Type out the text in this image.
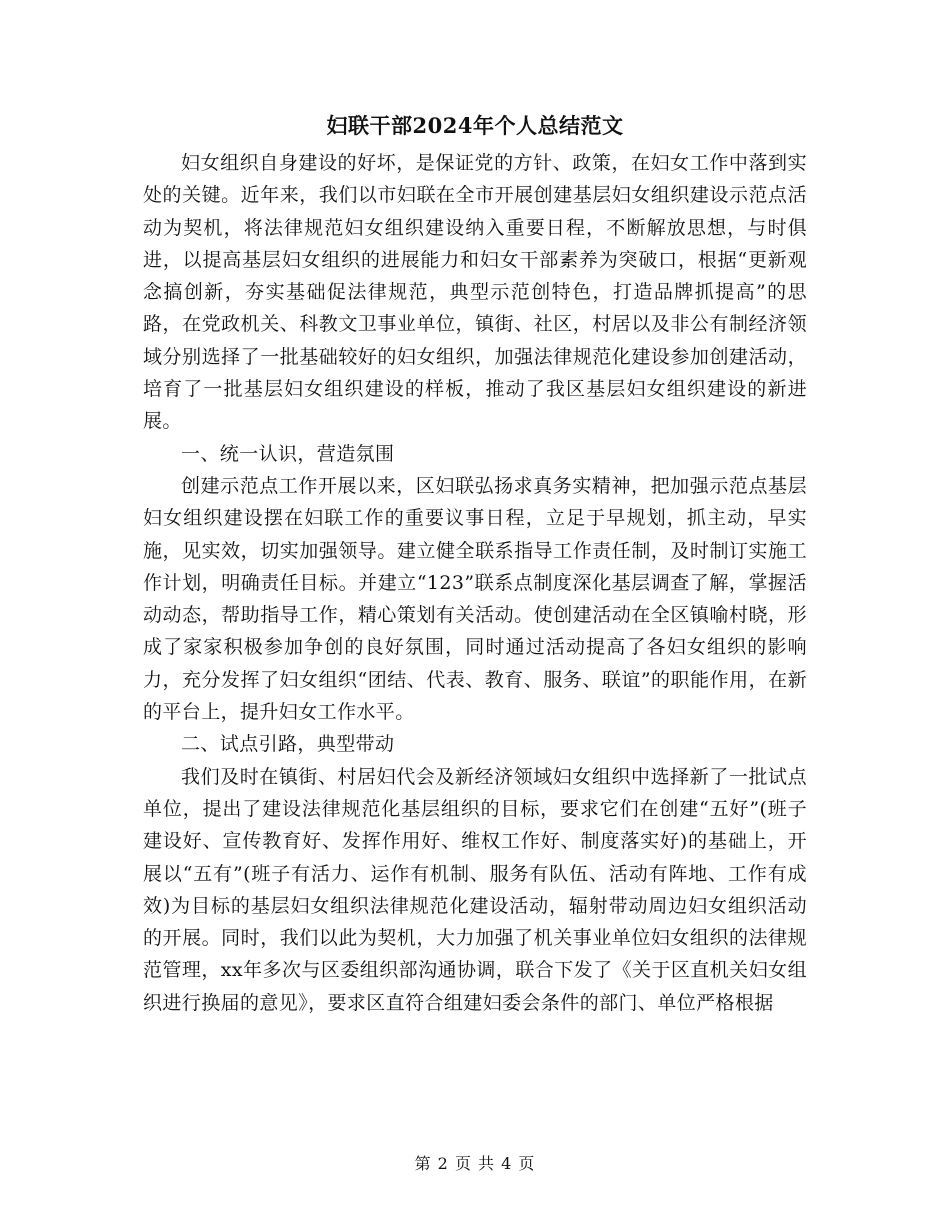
妇联干部2024年个人总结范文

妇女组织自身建设的好坏，是保证党的方针、政策，在妇女工作中落到实处的关键。近年来，我们以市妇联在全市开展创建基层妇女组织建设示范点活动为契机，将法律规范妇女组织建设纳入重要日程，不断解放思想，与时俱进，以提高基层妇女组织的进展能力和妇女干部素养为突破口，根据“更新观念搞创新，夯实基础促法律规范，典型示范创特色，打造品牌抓提高”的思路，在党政机关、科教文卫事业单位，镇街、社区，村居以及非公有制经济领域分别选择了一批基础较好的妇女组织，加强法律规范化建设参加创建活动，培育了一批基层妇女组织建设的样板，推动了我区基层妇女组织建设的新进展。

一、统一认识，营造氛围

创建示范点工作开展以来，区妇联弘扬求真务实精神，把加强示范点基层妇女组织建设摆在妇联工作的重要议事日程，立足于早规划，抓主动，早实施，见实效，切实加强领导。建立健全联系指导工作责任制，及时制订实施工作计划，明确责任目标。并建立“123”联系点制度深化基层调查了解，掌握活动动态，帮助指导工作，精心策划有关活动。使创建活动在全区镇喻村晓，形成了家家积极参加争创的良好氛围，同时通过活动提高了各妇女组织的影响力，充分发挥了妇女组织“团结、代表、教育、服务、联谊”的职能作用，在新的平台上，提升妇女工作水平。

二、试点引路，典型带动

我们及时在镇街、村居妇代会及新经济领域妇女组织中选择新了一批试点单位，提出了建设法律规范化基层组织的目标，要求它们在创建“五好”(班子建设好、宣传教育好、发挥作用好、维权工作好、制度落实好)的基础上，开展以“五有”(班子有活力、运作有机制、服务有队伍、活动有阵地、工作有成效)为目标的基层妇女组织法律规范化建设活动，辐射带动周边妇女组织活动的开展。同时，我们以此为契机，大力加强了机关事业单位妇女组织的法律规范管理，xx年多次与区委组织部沟通协调，联合下发了《关于区直机关妇女组织进行换届的意见》，要求区直符合组建妇委会条件的部门、单位严格根据

第 2 页 共 4 页
